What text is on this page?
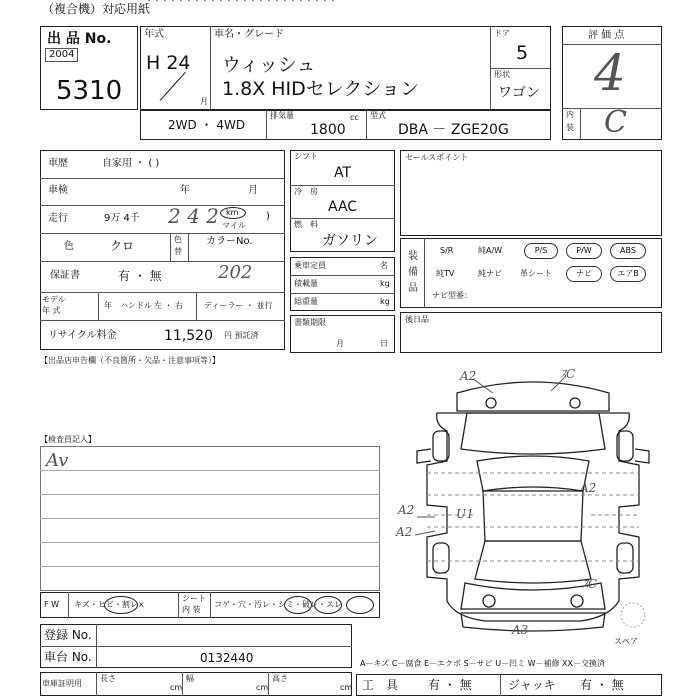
・・・・・・・・・・・・・・・・・・・・・・・・
（複合機）対応用紙
出 品 No.
2004
5310
年式
H 24
月
車名・グレード
ウィッシュ
1.8X HIDセレクション
ドア
5
形状
ワゴン
評 価 点
4
内
装 C
2WD ・ 4WD
排気量	cc
1800
型式
DBA － ZGE20G
車歴	自家用 ・ ( )
車検	年	月
走行	9万 4千 2 4 2 km
マイル
)
色	クロ	色
替
カラーNo.
保証書	有 ・ 無	202
モデル
年 式
年 ハンドル 左 ・ 右	ディーラー ・ 並行
リサイクル料金	11,520 円 預託済
シフト
AT
冷　房
AAC
燃　料
ガソリン
乗車定員	名
積載量	kg
総重量	kg
書類期限
月	日
セールスポイント
装
備
品
S/R	純A/W	P/S	P/W	ABS
純TV	純ナビ 革シート	ナビ	エアB
ナビ型番：
後日品
【出品店申告欄（不良箇所・欠品・注意事項等）】
【検査員記入】
Av
A2	ｽC
A2
A2
A2
U1
ｽC
A3
スペア
F W キズ・ヒビ・割レ×
シート
内 装
コゲ・穴・汚レ・シミ・破レ・スレ
登録 No.
車台 No.	0132440
車庫証明用
長さ
cm
幅
cm
高さ
cm
A－キズ C－腐食 E－エクボ S－サビ U－凹ミ W－補修 XX－交換済
工　具 有 ・ 無	ジャッキ 有 ・ 無
